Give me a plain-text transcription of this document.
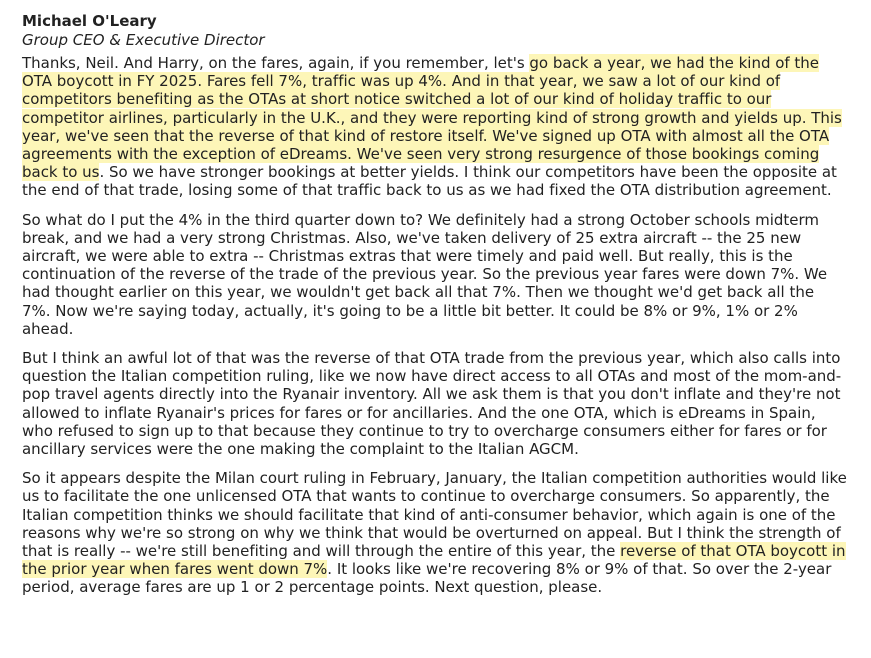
Michael O'Leary
Group CEO & Executive Director

Thanks, Neil. And Harry, on the fares, again, if you remember, let's go back a year, we had the kind of the OTA boycott in FY 2025. Fares fell 7%, traffic was up 4%. And in that year, we saw a lot of our kind of competitors benefiting as the OTAs at short notice switched a lot of our kind of holiday traffic to our competitor airlines, particularly in the U.K., and they were reporting kind of strong growth and yields up. This year, we've seen that the reverse of that kind of restore itself. We've signed up OTA with almost all the OTA agreements with the exception of eDreams. We've seen very strong resurgence of those bookings coming back to us. So we have stronger bookings at better yields. I think our competitors have been the opposite at the end of that trade, losing some of that traffic back to us as we had fixed the OTA distribution agreement.

So what do I put the 4% in the third quarter down to? We definitely had a strong October schools midterm break, and we had a very strong Christmas. Also, we've taken delivery of 25 extra aircraft -- the 25 new aircraft, we were able to extra -- Christmas extras that were timely and paid well. But really, this is the continuation of the reverse of the trade of the previous year. So the previous year fares were down 7%. We had thought earlier on this year, we wouldn't get back all that 7%. Then we thought we'd get back all the 7%. Now we're saying today, actually, it's going to be a little bit better. It could be 8% or 9%, 1% or 2% ahead.

But I think an awful lot of that was the reverse of that OTA trade from the previous year, which also calls into question the Italian competition ruling, like we now have direct access to all OTAs and most of the mom-and-pop travel agents directly into the Ryanair inventory. All we ask them is that you don't inflate and they're not allowed to inflate Ryanair's prices for fares or for ancillaries. And the one OTA, which is eDreams in Spain, who refused to sign up to that because they continue to try to overcharge consumers either for fares or for ancillary services were the one making the complaint to the Italian AGCM.

So it appears despite the Milan court ruling in February, January, the Italian competition authorities would like us to facilitate the one unlicensed OTA that wants to continue to overcharge consumers. So apparently, the Italian competition thinks we should facilitate that kind of anti-consumer behavior, which again is one of the reasons why we're so strong on why we think that would be overturned on appeal. But I think the strength of that is really -- we're still benefiting and will through the entire of this year, the reverse of that OTA boycott in the prior year when fares went down 7%. It looks like we're recovering 8% or 9% of that. So over the 2-year period, average fares are up 1 or 2 percentage points. Next question, please.
